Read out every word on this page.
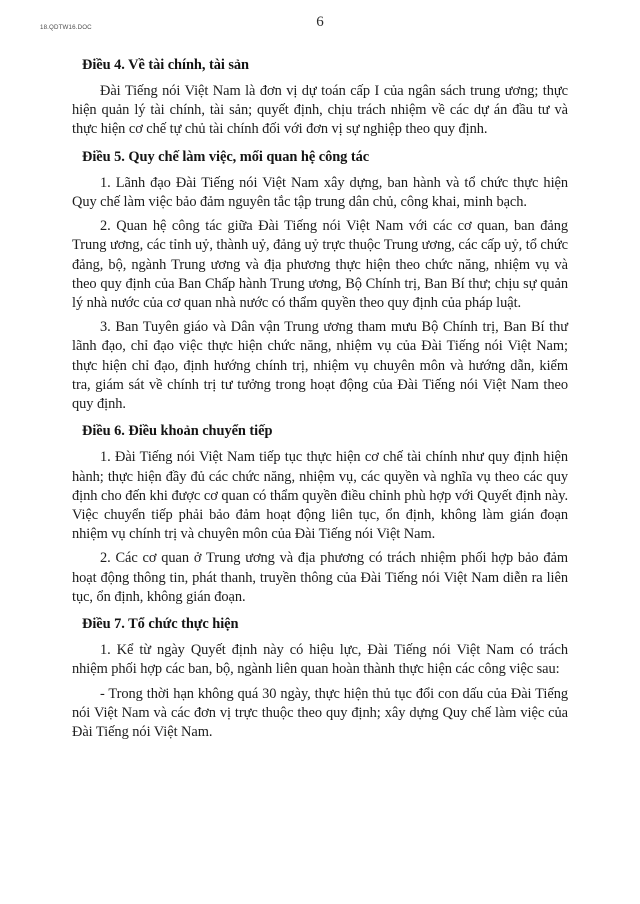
18.QDTW16.DOC	6
Điều 4. Về tài chính, tài sản

Đài Tiếng nói Việt Nam là đơn vị dự toán cấp I của ngân sách trung ương; thực hiện quản lý tài chính, tài sản; quyết định, chịu trách nhiệm về các dự án đầu tư và thực hiện cơ chế tự chủ tài chính đối với đơn vị sự nghiệp theo quy định.

Điều 5. Quy chế làm việc, mối quan hệ công tác

1. Lãnh đạo Đài Tiếng nói Việt Nam xây dựng, ban hành và tổ chức thực hiện Quy chế làm việc bảo đảm nguyên tắc tập trung dân chủ, công khai, minh bạch.

2. Quan hệ công tác giữa Đài Tiếng nói Việt Nam với các cơ quan, ban đảng Trung ương, các tỉnh uỷ, thành uỷ, đảng uỷ trực thuộc Trung ương, các cấp uỷ, tổ chức đảng, bộ, ngành Trung ương và địa phương thực hiện theo chức năng, nhiệm vụ và theo quy định của Ban Chấp hành Trung ương, Bộ Chính trị, Ban Bí thư; chịu sự quản lý nhà nước của cơ quan nhà nước có thẩm quyền theo quy định của pháp luật.

3. Ban Tuyên giáo và Dân vận Trung ương tham mưu Bộ Chính trị, Ban Bí thư lãnh đạo, chỉ đạo việc thực hiện chức năng, nhiệm vụ của Đài Tiếng nói Việt Nam; thực hiện chỉ đạo, định hướng chính trị, nhiệm vụ chuyên môn và hướng dẫn, kiểm tra, giám sát về chính trị tư tưởng trong hoạt động của Đài Tiếng nói Việt Nam theo quy định.

Điều 6. Điều khoản chuyển tiếp

1. Đài Tiếng nói Việt Nam tiếp tục thực hiện cơ chế tài chính như quy định hiện hành; thực hiện đầy đủ các chức năng, nhiệm vụ, các quyền và nghĩa vụ theo các quy định cho đến khi được cơ quan có thẩm quyền điều chỉnh phù hợp với Quyết định này. Việc chuyển tiếp phải bảo đảm hoạt động liên tục, ổn định, không làm gián đoạn nhiệm vụ chính trị và chuyên môn của Đài Tiếng nói Việt Nam.

2. Các cơ quan ở Trung ương và địa phương có trách nhiệm phối hợp bảo đảm hoạt động thông tin, phát thanh, truyền thông của Đài Tiếng nói Việt Nam diễn ra liên tục, ổn định, không gián đoạn.

Điều 7. Tổ chức thực hiện

1. Kể từ ngày Quyết định này có hiệu lực, Đài Tiếng nói Việt Nam có trách nhiệm phối hợp các ban, bộ, ngành liên quan hoàn thành thực hiện các công việc sau:

- Trong thời hạn không quá 30 ngày, thực hiện thủ tục đổi con dấu của Đài Tiếng nói Việt Nam và các đơn vị trực thuộc theo quy định; xây dựng Quy chế làm việc của Đài Tiếng nói Việt Nam.
